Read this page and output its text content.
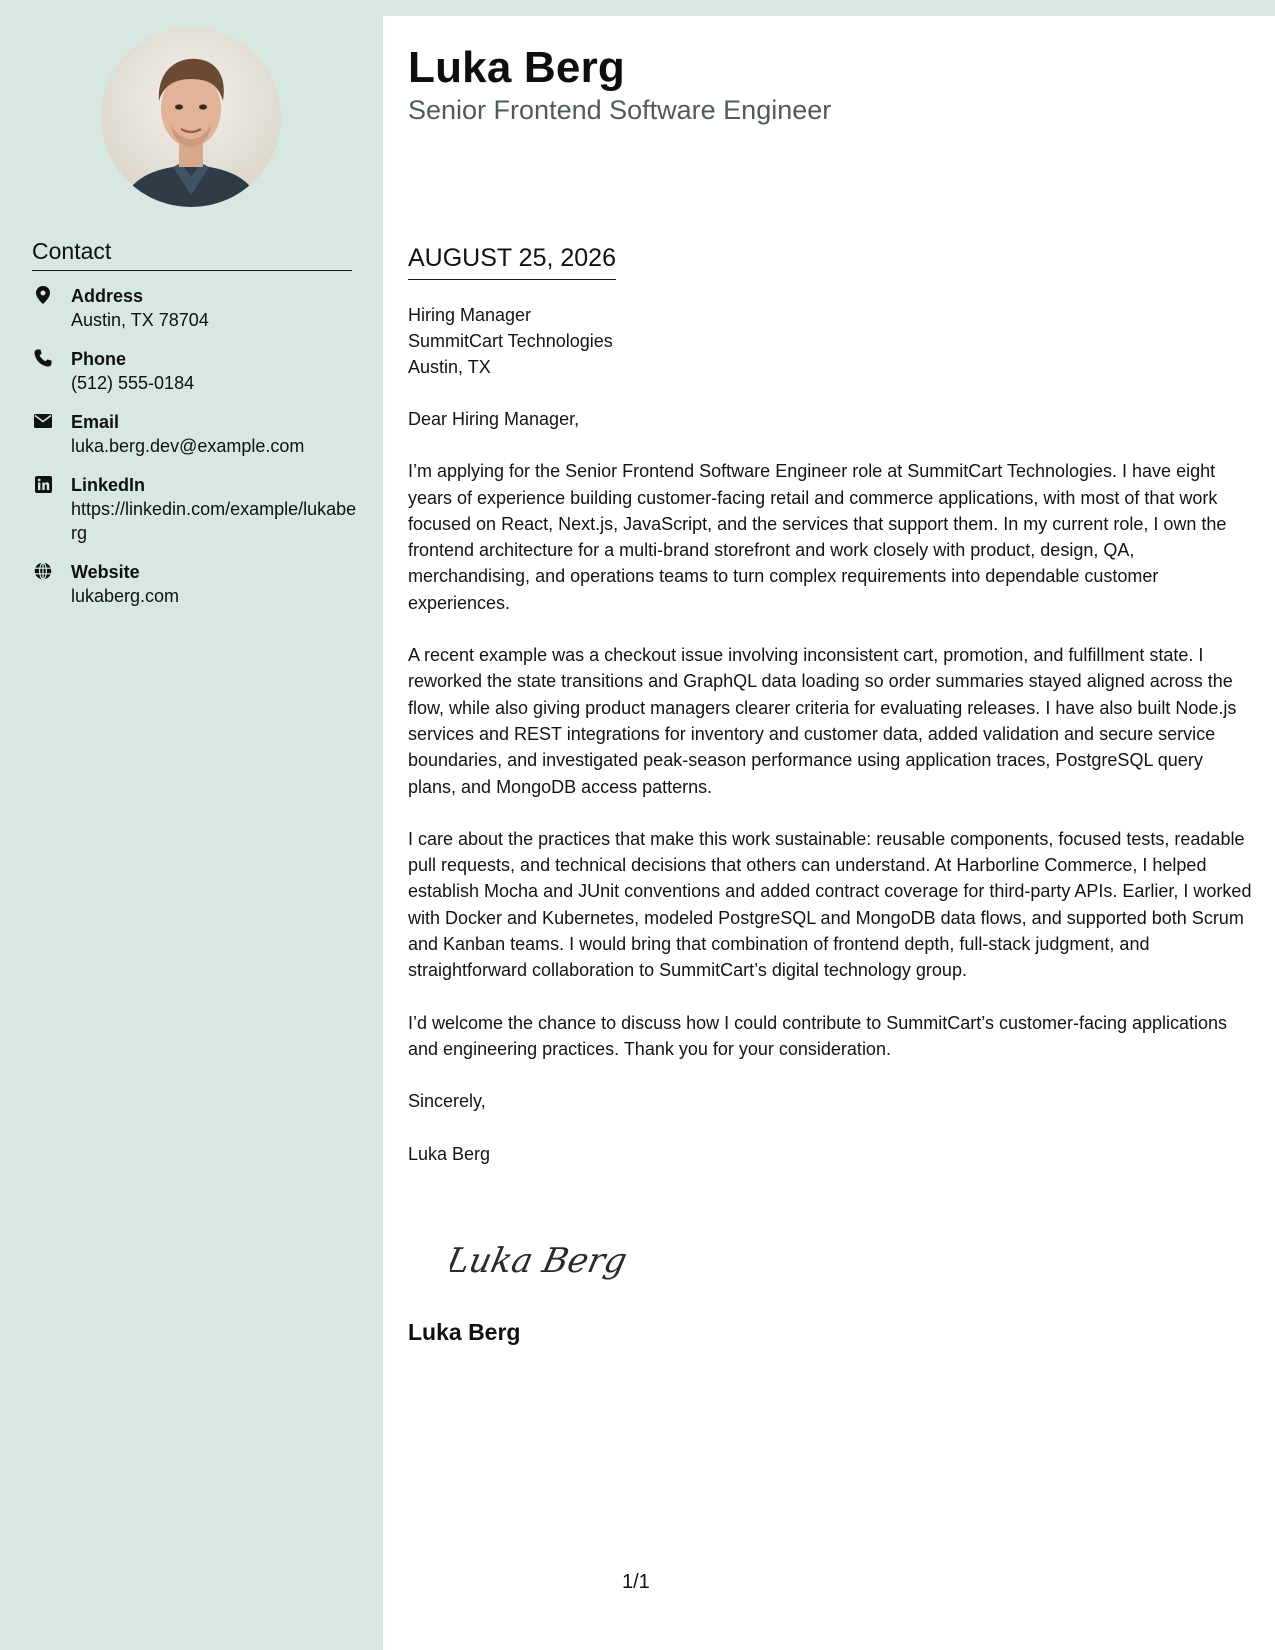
Contact
Address
Austin, TX 78704
Phone
(512) 555-0184
Email
luka.berg.dev@example.com
LinkedIn
https://linkedin.com/example/lukaberg
Website
lukaberg.com
Luka Berg
Senior Frontend Software Engineer
AUGUST 25, 2026
Hiring Manager
SummitCart Technologies
Austin, TX

Dear Hiring Manager,

I’m applying for the Senior Frontend Software Engineer role at SummitCart Technologies. I have eight years of experience building customer-facing retail and commerce applications, with most of that work focused on React, Next.js, JavaScript, and the services that support them. In my current role, I own the frontend architecture for a multi-brand storefront and work closely with product, design, QA, merchandising, and operations teams to turn complex requirements into dependable customer experiences.

A recent example was a checkout issue involving inconsistent cart, promotion, and fulfillment state. I reworked the state transitions and GraphQL data loading so order summaries stayed aligned across the flow, while also giving product managers clearer criteria for evaluating releases. I have also built Node.js services and REST integrations for inventory and customer data, added validation and secure service boundaries, and investigated peak-season performance using application traces, PostgreSQL query plans, and MongoDB access patterns.

I care about the practices that make this work sustainable: reusable components, focused tests, readable pull requests, and technical decisions that others can understand. At Harborline Commerce, I helped establish Mocha and JUnit conventions and added contract coverage for third-party APIs. Earlier, I worked with Docker and Kubernetes, modeled PostgreSQL and MongoDB data flows, and supported both Scrum and Kanban teams. I would bring that combination of frontend depth, full-stack judgment, and straightforward collaboration to SummitCart’s digital technology group.

I’d welcome the chance to discuss how I could contribute to SummitCart’s customer-facing applications and engineering practices. Thank you for your consideration.

Sincerely,

Luka Berg

Luka Berg
Luka Berg
1/1
